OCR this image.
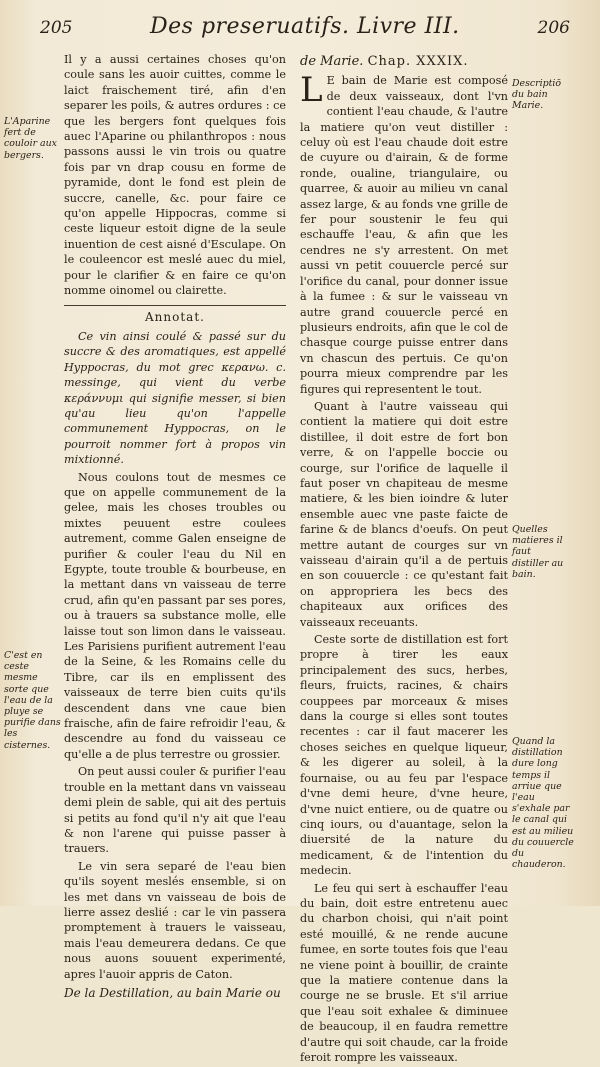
205	Des preseruatifs. Livre III.	206

Il y a aussi certaines choses qu'on coule sans les auoir cuittes, comme le laict fraischement tiré, afin d'en separer les poils, & autres ordures : ce que les bergers font quelques fois auec l'Aparine ou philanthropos : nous passons aussi le vin trois ou quatre fois par vn drap cousu en forme de pyramide, dont le fond est plein de succre, canelle, &c. pour faire ce qu'on appelle Hippocras, comme si ceste liqueur estoit digne de la seule inuention de cest aisné d'Esculape. On le couleencor est meslé auec du miel, pour le clarifier & en faire ce qu'on nomme oinomel ou clairette.

Annotat.

Ce vin ainsi coulé & passé sur du succre & des aromatiques, est appellé Hyppocras, du mot grec κερανω. c. messinge, qui vient du verbe κεράννυμι qui signifie messer, si bien qu'au lieu qu'on l'appelle communement Hyppocras, on le pourroit nommer fort à propos vin mixtionné.

Nous coulons tout de mesmes ce que on appelle communement de la gelee, mais les choses troubles ou mixtes peuuent estre coulees autrement, comme Galen enseigne de purifier & couler l'eau du Nil en Egypte, toute trouble & bourbeuse, en la mettant dans vn vaisseau de terre crud, afin qu'en passant par ses pores, ou à trauers sa substance molle, elle laisse tout son limon dans le vaisseau. Les Parisiens purifient autrement l'eau de la Seine, & les Romains celle du Tibre, car ils en emplissent des vaisseaux de terre bien cuits qu'ils descendent dans vne caue bien fraische, afin de faire refroidir l'eau, & descendre au fond du vaisseau ce qu'elle a de plus terrestre ou grossier.

On peut aussi couler & purifier l'eau trouble en la mettant dans vn vaisseau demi plein de sable, qui ait des pertuis si petits au fond qu'il n'y ait que l'eau & non l'arene qui puisse passer à trauers.

Le vin sera separé de l'eau bien qu'ils soyent meslés ensemble, si on les met dans vn vaisseau de bois de lierre assez deslié : car le vin passera promptement à trauers le vaisseau, mais l'eau demeurera dedans. Ce que nous auons souuent experimenté, apres l'auoir appris de Caton.

De la Destillation, au bain Marie ou
de Marie. Chap. XXXIX.

L E bain de Marie est composé de deux vaisseaux, dont l'vn contient l'eau chaude, & l'autre la matiere qu'on veut distiller : celuy où est l'eau chaude doit estre de cuyure ou d'airain, & de forme ronde, oualine, triangulaire, ou quarree, & auoir au milieu vn canal assez large, & au fonds vne grille de fer pour soustenir le feu qui eschauffe l'eau, & afin que les cendres ne s'y arrestent. On met aussi vn petit couuercle percé sur l'orifice du canal, pour donner issue à la fumee : & sur le vaisseau vn autre grand couuercle percé en plusieurs endroits, afin que le col de chasque courge puisse entrer dans vn chascun des pertuis. Ce qu'on pourra mieux comprendre par les figures qui representent le tout.

Quant à l'autre vaisseau qui contient la matiere qui doit estre distillee, il doit estre de fort bon verre, & on l'appelle boccie ou courge, sur l'orifice de laquelle il faut poser vn chapiteau de mesme matiere, & les bien ioindre & luter ensemble auec vne paste faicte de farine & de blancs d'oeufs. On peut mettre autant de courges sur vn vaisseau d'airain qu'il a de pertuis en son couuercle : ce qu'estant fait on appropriera les becs des chapiteaux aux orifices des vaisseaux receuants.

Ceste sorte de distillation est fort propre à tirer les eaux principalement des sucs, herbes, fleurs, fruicts, racines, & chairs couppees par morceaux & mises dans la courge si elles sont toutes recentes : car il faut macerer les choses seiches en quelque liqueur, & les digerer au soleil, à la fournaise, ou au feu par l'espace d'vne demi heure, d'vne heure, d'vne nuict entiere, ou de quatre ou cinq iours, ou d'auantage, selon la diuersité de la nature du medicament, & de l'intention du medecin.

Le feu qui sert à eschauffer l'eau du bain, doit estre entretenu auec du charbon choisi, qui n'ait point esté mouillé, & ne rende aucune fumee, en sorte toutes fois que l'eau ne viene point à bouillir, de crainte que la matiere contenue dans la courge ne se brusle. Et s'il arriue que l'eau soit exhalee & diminuee de beaucoup, il en faudra remettre d'autre qui soit chaude, car la froide feroit rompre les vaisseaux.

L'Aparine fert de couloir aux bergers.
C'est en ceste mesme sorte que l'eau de la pluye se purifie dans les cisternes.
Descriptiō du bain Marie.
Quelles matieres il faut distiller au bain.
Quand la distillation dure long temps il arriue que l'eau s'exhale par le canal qui est au milieu du couuercle du chauderon.
